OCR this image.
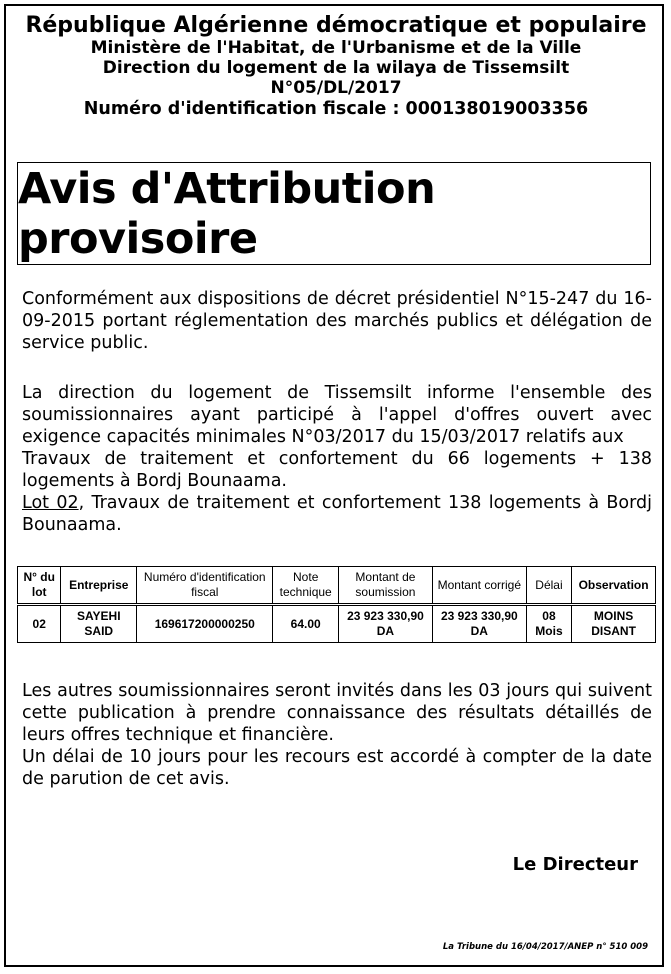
République Algérienne démocratique et populaire
Ministère de l'Habitat, de l'Urbanisme et de la Ville
Direction du logement de la wilaya de Tissemsilt
N°05/DL/2017
Numéro d'identification fiscale : 000138019003356
Avis d'Attribution provisoire
Conformément aux dispositions de décret présidentiel N°15-247 du 16-09-2015 portant réglementation des marchés publics et délégation de service public.
La direction du logement de Tissemsilt informe l'ensemble des soumissionnaires ayant participé à l'appel d'offres ouvert avec exigence capacités minimales N°03/2017 du 15/03/2017 relatifs aux
Travaux de traitement et confortement du 66 logements + 138 logements à Bordj Bounaama.
Lot 02, Travaux de traitement et confortement 138 logements à Bordj Bounaama.
N° du lot	Entreprise	Numéro d'identification fiscal	Note technique	Montant de soumission	Montant corrigé	Délai	Observation
02	SAYEHI SAID	169617200000250	64.00	23 923 330,90 DA	23 923 330,90 DA	08 Mois	MOINS DISANT
Les autres soumissionnaires seront invités dans les 03 jours qui suivent cette publication à prendre connaissance des résultats détaillés de leurs offres technique et financière.
Un délai de 10 jours pour les recours est accordé à compter de la date de parution de cet avis.
Le Directeur
La Tribune du 16/04/2017/ANEP n° 510 009
